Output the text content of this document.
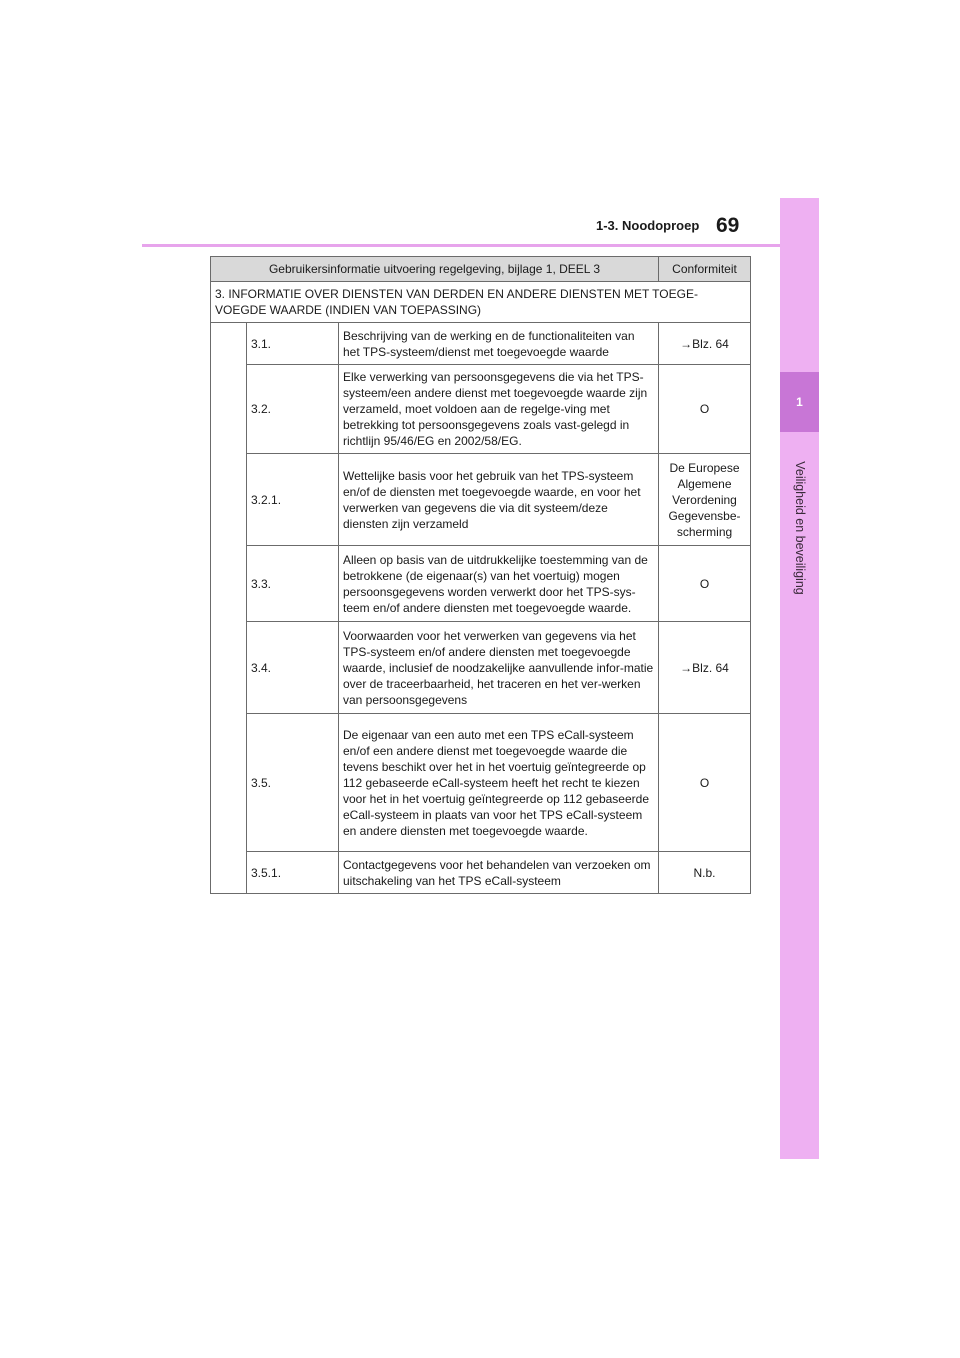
1-3. Noodoproep 69
1
Veiligheid en beveiliging
Gebruikersinformatie uitvoering regelgeving, bijlage 1, DEEL 3			Conformiteit
3. INFORMATIE OVER DIENSTEN VAN DERDEN EN ANDERE DIENSTEN MET TOEGE-VOEGDE WAARDE (INDIEN VAN TOEPASSING)			
	3.1.	Beschrijving van de werking en de functionaliteiten van het TPS-systeem/dienst met toegevoegde waarde	→Blz. 64
	3.2.	Elke verwerking van persoonsgegevens die via het TPS-systeem/een andere dienst met toegevoegde waarde zijn verzameld, moet voldoen aan de regelge-ving met betrekking tot persoonsgegevens zoals vast-gelegd in richtlijn 95/46/EG en 2002/58/EG.	O
	3.2.1.	Wettelijke basis voor het gebruik van het TPS-systeem en/of de diensten met toegevoegde waarde, en voor het verwerken van gegevens die via dit systeem/deze diensten zijn verzameld	De Europese Algemene Verordening Gegevensbe-scherming
	3.3.	Alleen op basis van de uitdrukkelijke toestemming van de betrokkene (de eigenaar(s) van het voertuig) mogen persoonsgegevens worden verwerkt door het TPS-sys-teem en/of andere diensten met toegevoegde waarde.	O
	3.4.	Voorwaarden voor het verwerken van gegevens via het TPS-systeem en/of andere diensten met toegevoegde waarde, inclusief de noodzakelijke aanvullende infor-matie over de traceerbaarheid, het traceren en het ver-werken van persoonsgegevens	→Blz. 64
	3.5.	De eigenaar van een auto met een TPS eCall-systeem en/of een andere dienst met toegevoegde waarde die tevens beschikt over het in het voertuig geïntegreerde op 112 gebaseerde eCall-systeem heeft het recht te kiezen voor het in het voertuig geïntegreerde op 112 gebaseerde eCall-systeem in plaats van voor het TPS eCall-systeem en andere diensten met toegevoegde waarde.	O
	3.5.1.	Contactgegevens voor het behandelen van verzoeken om uitschakeling van het TPS eCall-systeem	N.b.
